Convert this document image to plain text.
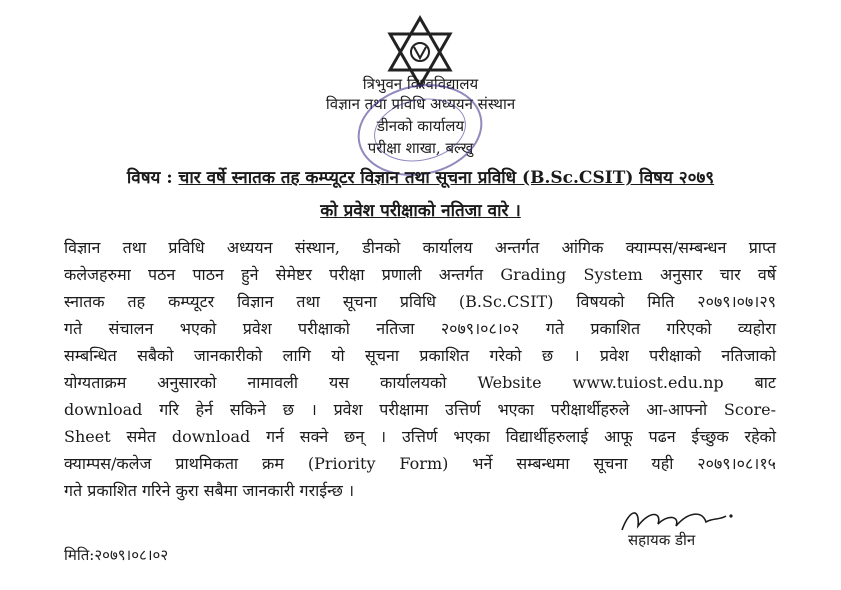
त्रिभुवन विश्वविद्यालय
विज्ञान तथा प्रविधि अध्ययन संस्थान
डीनको कार्यालय
परीक्षा शाखा, बल्खु
विषय : चार वर्षे स्नातक तह कम्प्यूटर विज्ञान तथा सूचना प्रविधि (B.Sc.CSIT) विषय २०७९
को प्रवेश परीक्षाको नतिजा वारे ।
विज्ञान तथा प्रविधि अध्ययन संस्थान, डीनको कार्यालय अन्तर्गत आंगिक क्याम्पस/सम्बन्धन प्राप्त
कलेजहरुमा पठन पाठन हुने सेमेष्टर परीक्षा प्रणाली अन्तर्गत Grading System अनुसार चार वर्षे
स्नातक तह कम्प्यूटर विज्ञान तथा सूचना प्रविधि (B.Sc.CSIT) विषयको मिति २०७९।०७।२९
गते संचालन भएको प्रवेश परीक्षाको नतिजा २०७९।०८।०२ गते प्रकाशित गरिएको व्यहोरा
सम्बन्धित सबैको जानकारीको लागि यो सूचना प्रकाशित गरेको छ । प्रवेश परीक्षाको नतिजाको
योग्यताक्रम अनुसारको नामावली यस कार्यालयको Website www.tuiost.edu.np बाट
download गरि हेर्न सकिने छ । प्रवेश परीक्षामा उत्तिर्ण भएका परीक्षार्थीहरुले आ-आफ्नो Score-
Sheet समेत download गर्न सक्ने छन् । उत्तिर्ण भएका विद्यार्थीहरुलाई आफू पढन ईच्छुक रहेको
क्याम्पस/कलेज प्राथमिकता क्रम (Priority Form) भर्ने सम्बन्धमा सूचना यही २०७९।०८।१५
गते प्रकाशित गरिने कुरा सबैमा जानकारी गराईन्छ ।
सहायक डीन
मिति:२०७९।०८।०२
